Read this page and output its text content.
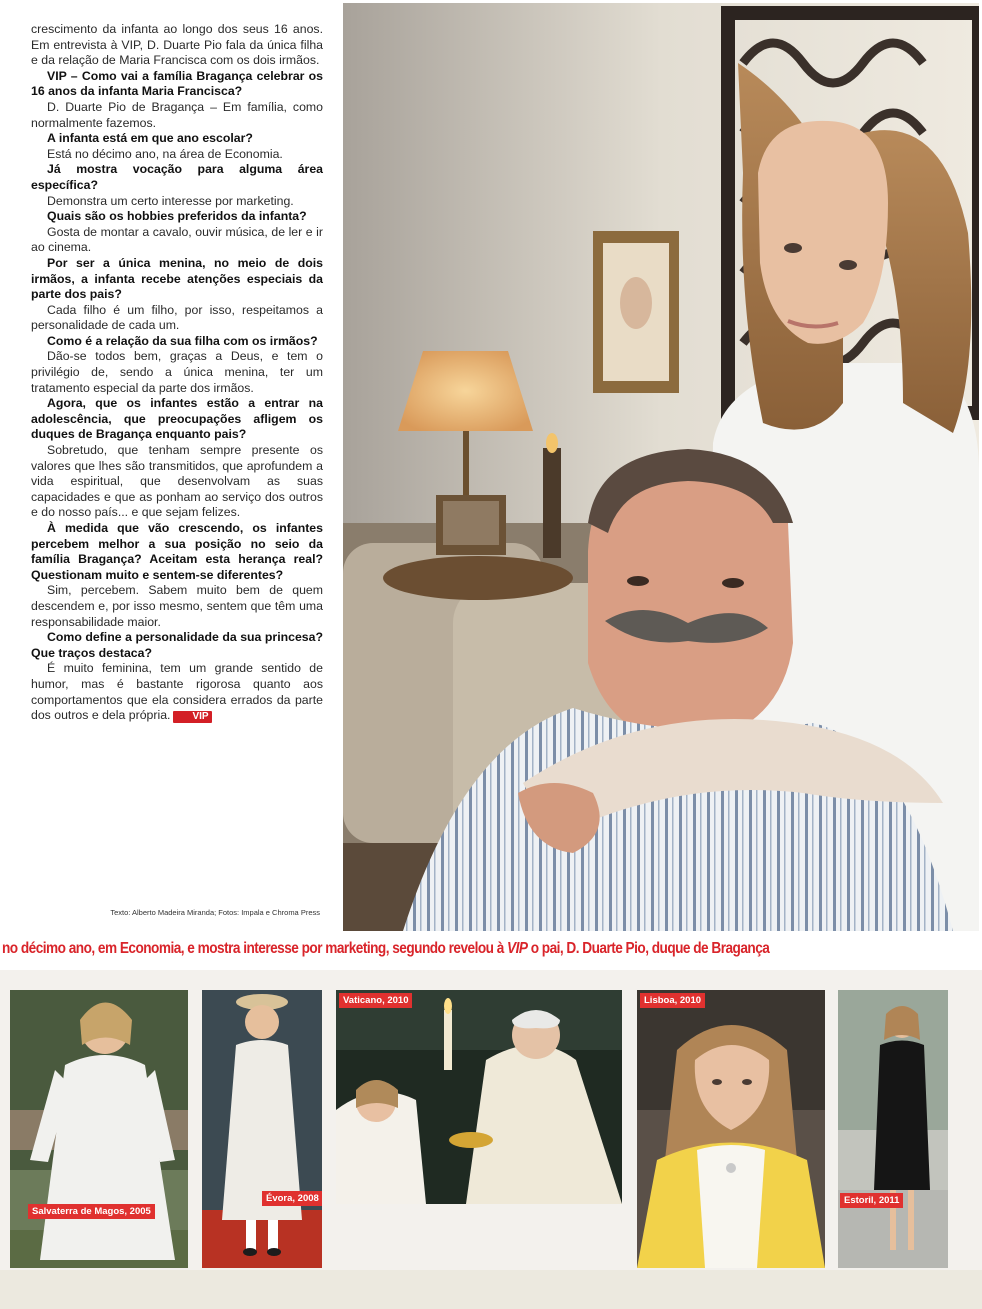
crescimento da infanta ao longo dos seus 16 anos. Em entrevista à VIP, D. Duarte Pio fala da única filha e da relação de Maria Francisca com os dois irmãos.

VIP – Como vai a família Bragança celebrar os 16 anos da infanta Maria Francisca?

D. Duarte Pio de Bragança – Em família, como normalmente fazemos.

A infanta está em que ano escolar?

Está no décimo ano, na área de Economia.

Já mostra vocação para alguma área específica?

Demonstra um certo interesse por marketing.

Quais são os hobbies preferidos da infanta?

Gosta de montar a cavalo, ouvir música, de ler e ir ao cinema.

Por ser a única menina, no meio de dois irmãos, a infanta recebe atenções especiais da parte dos pais?

Cada filho é um filho, por isso, respeitamos a personalidade de cada um.

Como é a relação da sua filha com os irmãos?

Dão-se todos bem, graças a Deus, e tem o privilégio de, sendo a única menina, ter um tratamento especial da parte dos irmãos.

Agora, que os infantes estão a entrar na adolescência, que preocupações afligem os duques de Bragança enquanto pais?

Sobretudo, que tenham sempre presente os valores que lhes são transmitidos, que aprofundem a vida espiritual, que desenvolvam as suas capacidades e que as ponham ao serviço dos outros e do nosso país... e que sejam felizes.

À medida que vão crescendo, os infantes percebem melhor a sua posição no seio da família Bragança? Aceitam esta herança real? Questionam muito e sentem-se diferentes?

Sim, percebem. Sabem muito bem de quem descendem e, por isso mesmo, sentem que têm uma responsabilidade maior.

Como define a personalidade da sua princesa? Que traços destaca?

É muito feminina, tem um grande sentido de humor, mas é bastante rigorosa quanto aos comportamentos que ela considera errados da parte dos outros e dela própria. VIP

Texto: Alberto Madeira Miranda; Fotos: Impala e Chroma Press
no décimo ano, em Economia, e mostra interesse por marketing, segundo revelou à VIP o pai, D. Duarte Pio, duque de Bragança
Salvaterra de Magos, 2005
Évora, 2008
Vaticano, 2010	Lisboa, 2010
Estoril, 2011
